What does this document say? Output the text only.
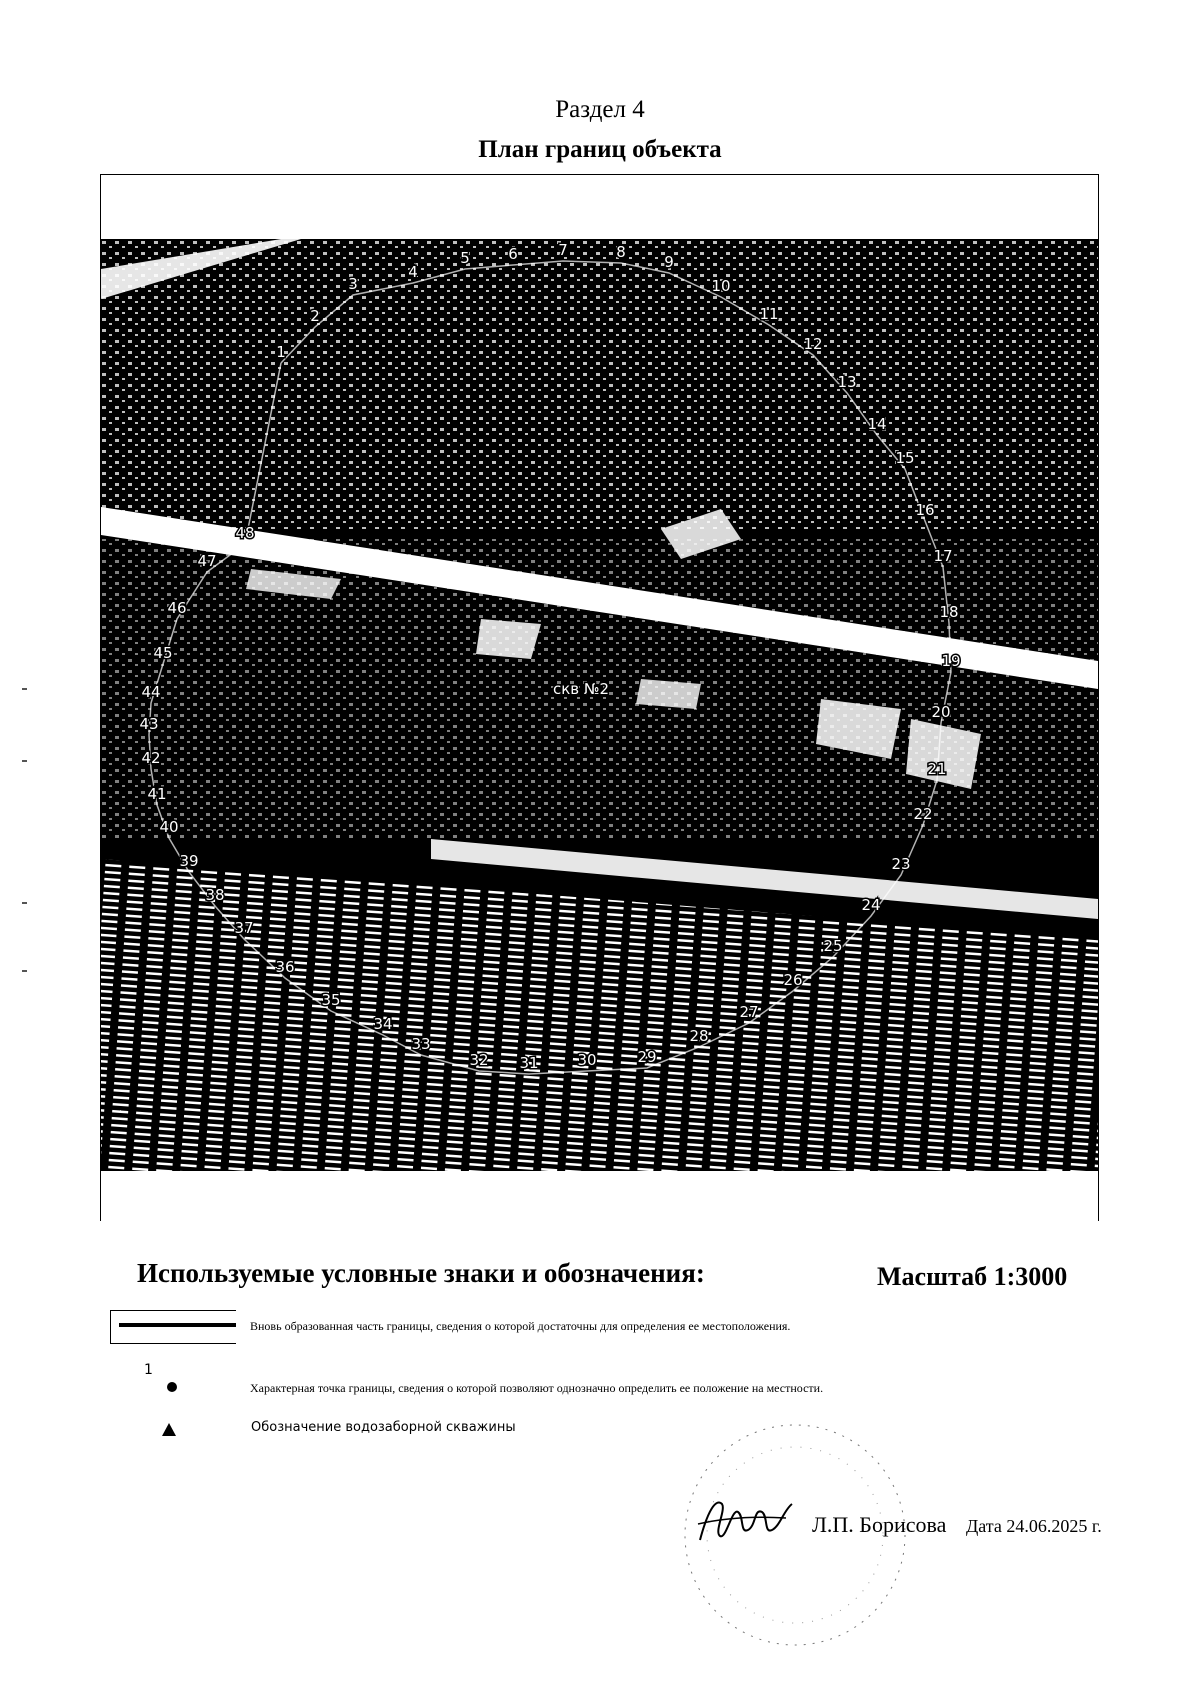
Раздел 4
План границ объекта
1
2
3
4
5	6	7	8
9
10
11
12
13
14
15
16
17
18
19
20
21
22
23
24
25
26
27
28
29
30
31
32
33
34
35
36
37
38
39
40
41
42
43
44
45
46
47
48
скв №2
Используемые условные знаки и обозначения:	Масштаб 1:3000
Вновь образованная часть границы, сведения о которой достаточны для определения ее местоположения.
1
Характерная точка границы, сведения о которой позволяют однозначно определить ее положение на местности.
Обозначение водозаборной скважины
Л.П. Борисова Дата 24.06.2025 г.
